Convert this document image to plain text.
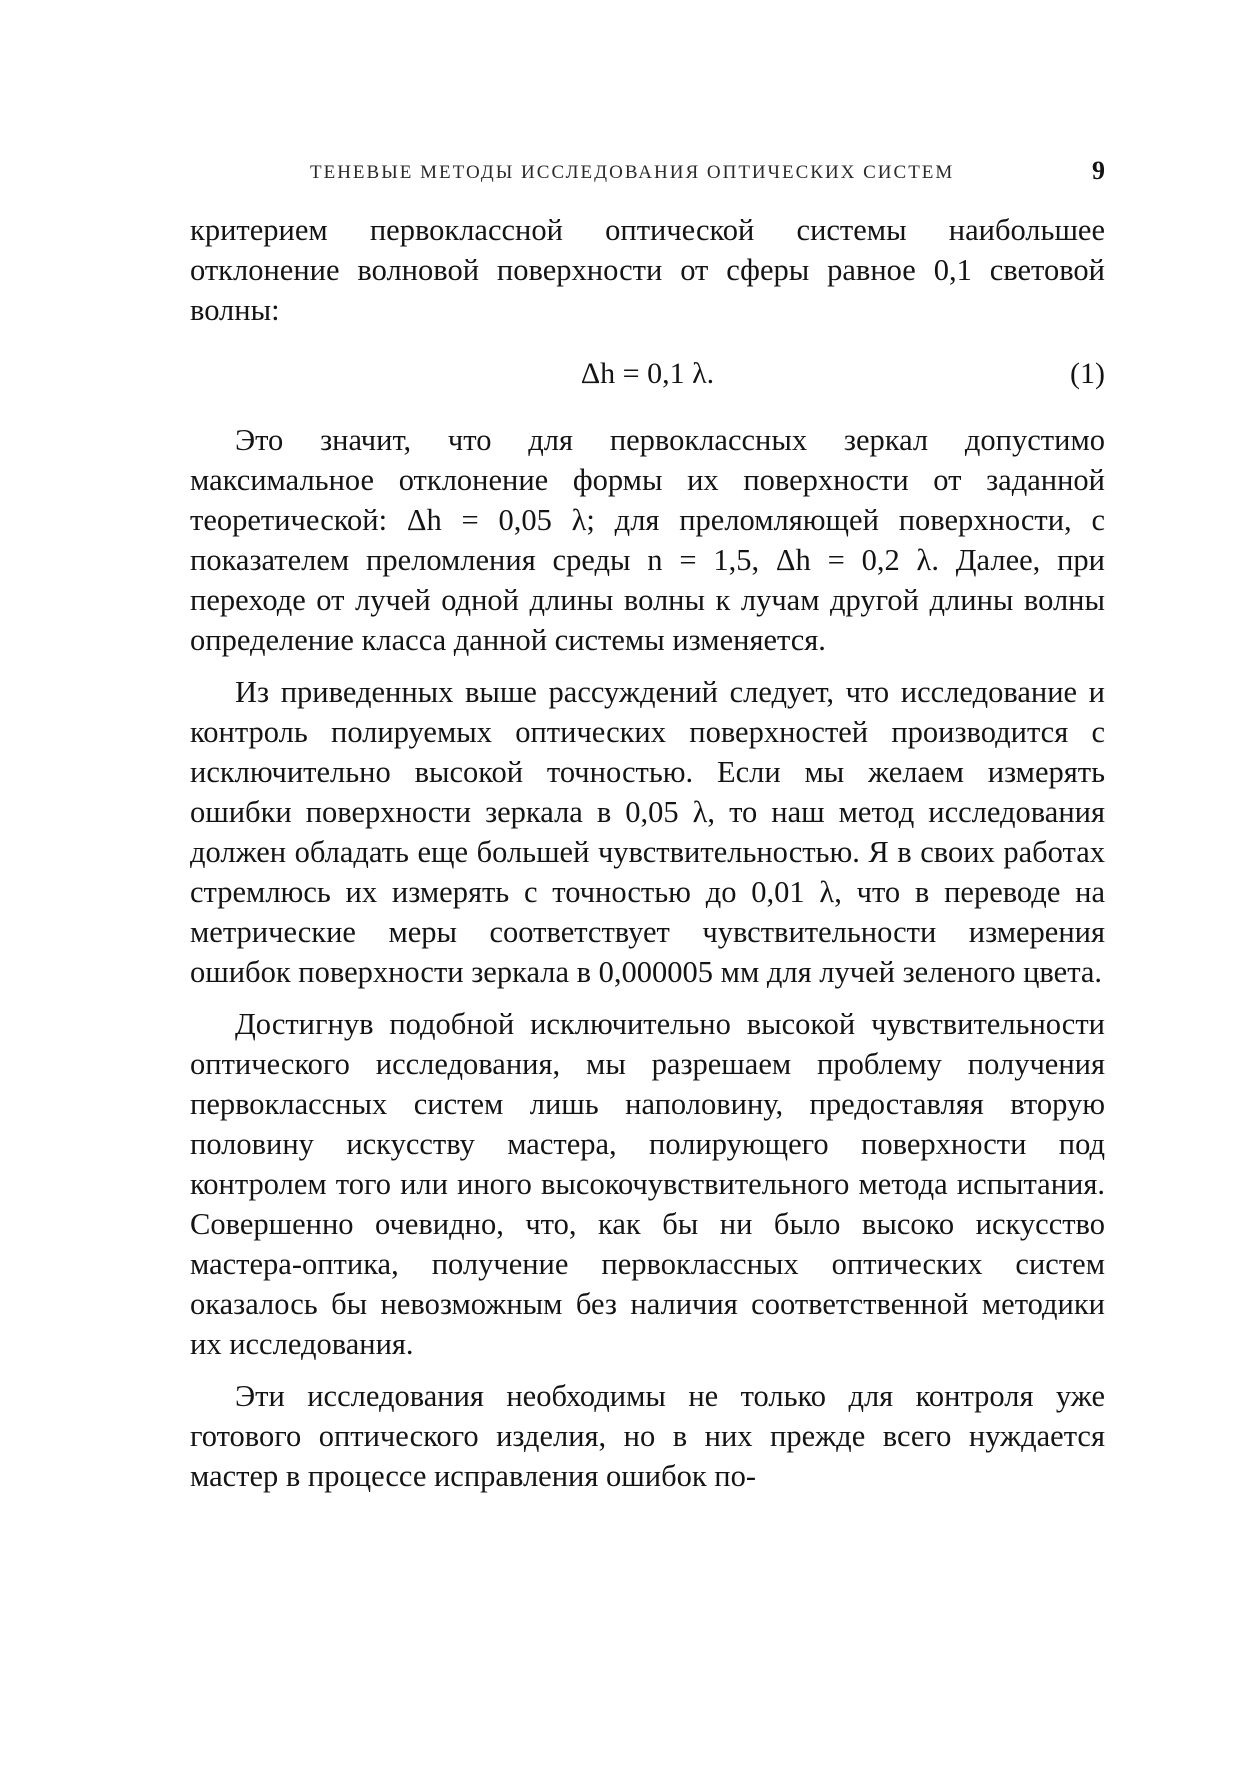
ТЕНЕВЫЕ МЕТОДЫ ИССЛЕДОВАНИЯ ОПТИЧЕСКИХ СИСТЕМ	9

критерием первоклассной оптической системы наибольшее отклонение волновой поверхности от сферы равное 0,1 световой волны:

Δh = 0,1 λ.	(1)

Это значит, что для первоклассных зеркал допустимо максимальное отклонение формы их поверхности от заданной теоретической: Δh = 0,05 λ; для преломляющей поверхности, с показателем преломления среды n = 1,5, Δh = 0,2 λ. Далее, при переходе от лучей одной длины волны к лучам другой длины волны определение класса данной системы изменяется.

Из приведенных выше рассуждений следует, что исследование и контроль полируемых оптических поверхностей производится с исключительно высокой точностью. Если мы желаем измерять ошибки поверхности зеркала в 0,05 λ, то наш метод исследования должен обладать еще большей чувствительностью. Я в своих работах стремлюсь их измерять с точностью до 0,01 λ, что в переводе на метрические меры соответствует чувствительности измерения ошибок поверхности зеркала в 0,000005 мм для лучей зеленого цвета.

Достигнув подобной исключительно высокой чувствительности оптического исследования, мы разрешаем проблему получения первоклассных систем лишь наполовину, предоставляя вторую половину искусству мастера, полирующего поверхности под контролем того или иного высокочувствительного метода испытания. Совершенно очевидно, что, как бы ни было высоко искусство мастера-оптика, получение первоклассных оптических систем оказалось бы невозможным без наличия соответственной методики их исследования.

Эти исследования необходимы не только для контроля уже готового оптического изделия, но в них прежде всего нуждается мастер в процессе исправления ошибок по-
